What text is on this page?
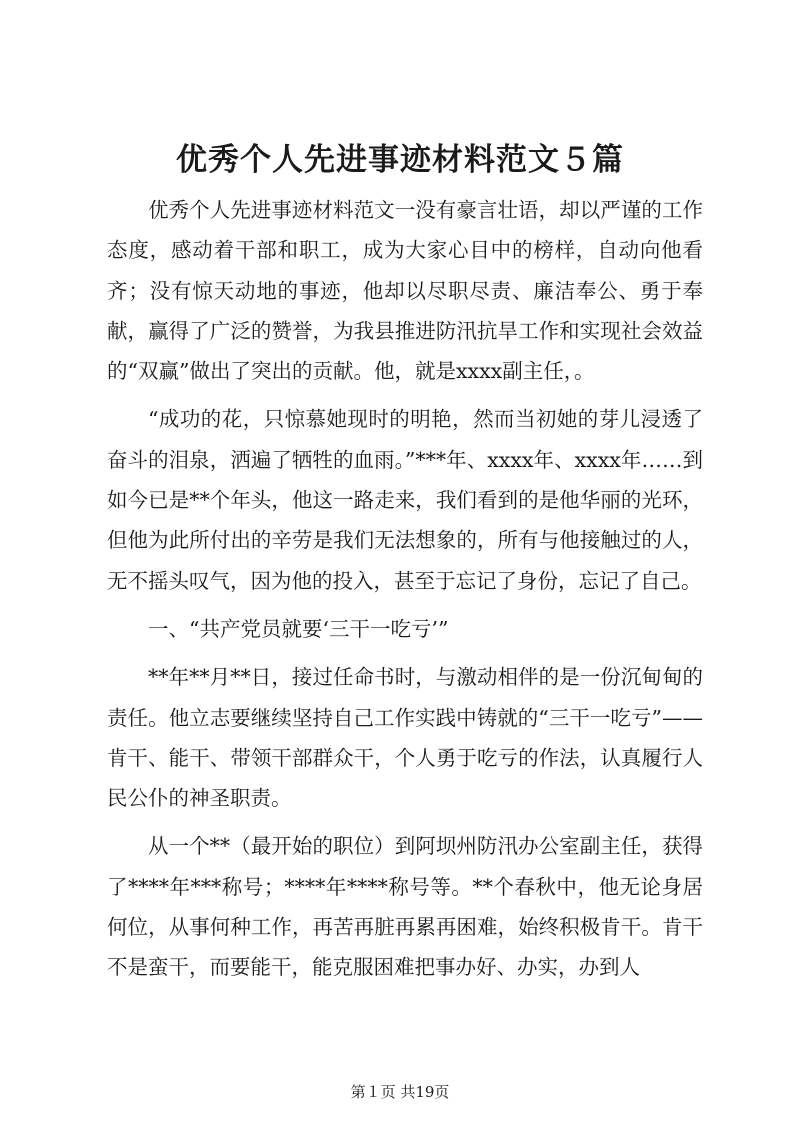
优秀个人先进事迹材料范文５篇

优秀个人先进事迹材料范文一没有豪言壮语，却以严谨的工作态度，感动着干部和职工，成为大家心目中的榜样，自动向他看齐；没有惊天动地的事迹，他却以尽职尽责、廉洁奉公、勇于奉献，赢得了广泛的赞誉，为我县推进防汛抗旱工作和实现社会效益的“双赢”做出了突出的贡献。他，就是xxxx副主任，。

“成功的花，只惊慕她现时的明艳，然而当初她的芽儿浸透了奋斗的泪泉，洒遍了牺牲的血雨。”***年、xxxx年、xxxx年……到如今已是**个年头，他这一路走来，我们看到的是他华丽的光环，但他为此所付出的辛劳是我们无法想象的，所有与他接触过的人，无不摇头叹气，因为他的投入，甚至于忘记了身份，忘记了自己。

一、“共产党员就要‘三干一吃亏’”

**年**月**日，接过任命书时，与激动相伴的是一份沉甸甸的责任。他立志要继续坚持自己工作实践中铸就的“三干一吃亏”——肯干、能干、带领干部群众干，个人勇于吃亏的作法，认真履行人民公仆的神圣职责。

从一个**（最开始的职位）到阿坝州防汛办公室副主任，获得了****年***称号；****年****称号等。**个春秋中，他无论身居何位，从事何种工作，再苦再脏再累再困难，始终积极肯干。肯干不是蛮干，而要能干，能克服困难把事办好、办实，办到人

第１页 共19页
